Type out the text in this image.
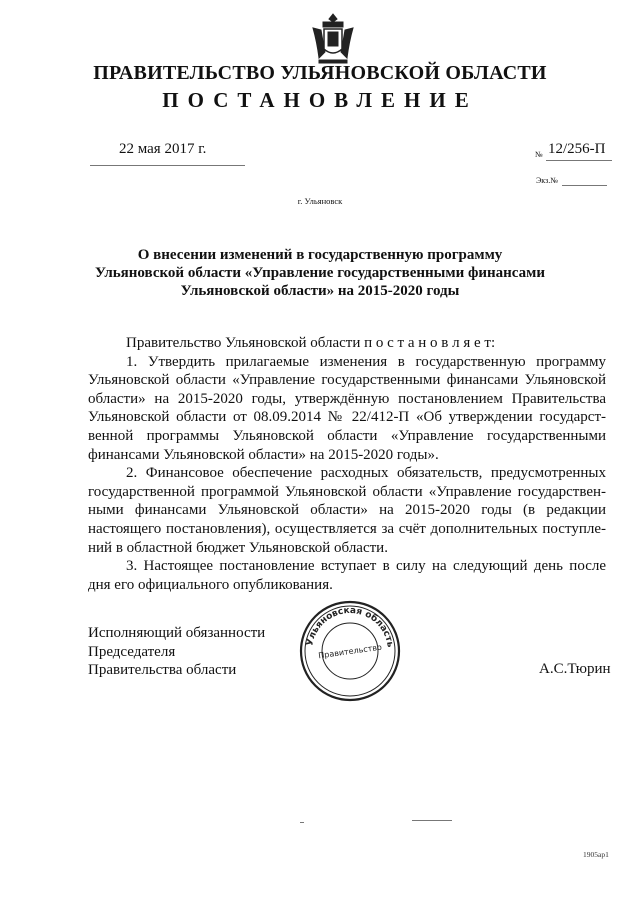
ПРАВИТЕЛЬСТВО УЛЬЯНОВСКОЙ ОБЛАСТИ
ПОСТАНОВЛЕНИЕ
22 мая 2017 г.	№ 12/256-П
Экз.№
г. Ульяновск
О внесении изменений в государственную программу
Ульяновской области «Управление государственными финансами
Ульяновской области» на 2015-2020 годы

Правительство Ульяновской области п о с т а н о в л я е т:

1. Утвердить прилагаемые изменения в государственную программу Ульяновской области «Управление государственными финансами Ульяновской области» на 2015-2020 годы, утверждённую постановлением Правительства Ульяновской области от 08.09.2014 № 22/412-П «Об утверждении государст-венной программы Ульяновской области «Управление государственными финансами Ульяновской области» на 2015-2020 годы».

2. Финансовое обеспечение расходных обязательств, предусмотренных государственной программой Ульяновской области «Управление государствен-ными финансами Ульяновской области» на 2015-2020 годы (в редакции настоящего постановления), осуществляется за счёт дополнительных поступле-ний в областной бюджет Ульяновской области.

3. Настоящее постановление вступает в силу на следующий день после дня его официального опубликования.

Исполняющий обязанности
Председателя
Правительства области	А.С.Тюрин
Ульяновская область
Правительство
1905ap1
